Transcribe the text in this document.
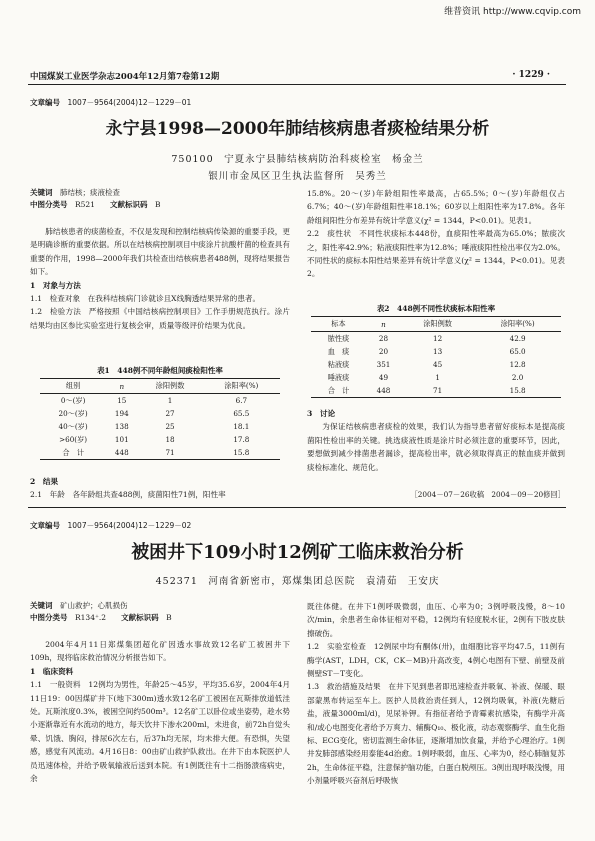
维普资讯 http://www.cqvip.com
中国煤炭工业医学杂志2004年12月第7卷第12期	· 1229 ·
文章编号　 1007－9564(2004)12－1229－01
永宁县1998—2000年肺结核病患者痰检结果分析
750100　宁夏永宁县肺结核病防治科痰检室　杨金兰
银川市金凤区卫生执法监督所　吴秀兰
关键词　 肺结核；痰液检查
中图分类号　 R521　　 文献标识码　 B

肺结核患者的痰菌检查，不仅是发现和控制结核病传染源的重要手段，更是明确诊断的重要依据。所以在结核病控制项目中痰涂片抗酸杆菌的检查具有重要的作用，1998—2000年我们共检查出结核病患者488例，现将结果报告如下。

1　对象与方法

1.1　检查对象　在我科结核病门诊就诊且X线胸透结果异常的患者。

1.2　检验方法　严格按照《中国结核病控制项目》工作手册规范执行。涂片结果均由区参比实验室进行复核会审，质量等级评价结果为优良。

表1　448例不同年龄组间痰检阳性率
组别	n	涂阳例数	涂阳率(%)
0～(岁)	15	1	6.7
20～(岁)	194	27	65.5
40～(岁)	138	25	18.1
>60(岁)	101	18	17.8
合　计	448	71	15.8

2　结果

2.1　年龄　各年龄组共查488例，痰菌阳性71例，阳性率

15.8%。20～(岁)年龄组阳性率最高，占65.5%；0～(岁)年龄组仅占6.7%；40～(岁)年龄组阳性率18.1%；60岁以上组阳性率为17.8%。各年龄组间阳性分布差异有统计学意义(χ² = 1344，P<0.01)。见表1。

2.2　痰性状　不同性状痰标本448份，血痰阳性率最高为65.0%；脓痰次之，阳性率42.9%；粘液痰阳性率为12.8%；唾液痰阳性检出率仅为2.0%。不同性状的痰标本阳性结果差异有统计学意义(χ² = 1344，P<0.01)。见表2。

表2　448例不同性状痰标本阳性率
标本	n	涂阳例数	涂阳率(%)
脓性痰	28	12	42.9
血　痰	20	13	65.0
粘液痰	351	45	12.8
唾液痰	49	1	2.0
合　计	448	71	15.8

3　讨论

为保证结核病患者痰检的效果，我们认为指导患者留好痰标本是提高痰菌阳性检出率的关键。挑选痰液性质是涂片时必须注意的重要环节，因此，要想做到减少排菌患者漏诊，提高检出率，就必须取得真正的脓血痰并做到痰检标准化、规范化。

［2004－07－26收稿　2004－09－20修回］
文章编号　 1007－9564(2004)12－1229－02
被困井下109小时12例矿工临床救治分析
452371　河南省新密市，郑煤集团总医院　袁清茹　王安庆
关键词　 矿山救护；心肌损伤
中图分类号　 R134⁺.2　　 文献标识码　 B

2004年4月11日郑煤集团超化矿因透水事故致12名矿工被困井下109h，现将临床救治情况分析报告如下。

1　临床资料

1.1　一般资料　12例均为男性，年龄25～45岁，平均35.6岁，2004年4月11日19：00因煤矿井下(地下300m)透水致12名矿工被困在瓦斯排放道低洼处。瓦斯浓度0.3%，被困空间约500m³。12名矿工以卧位或坐姿势，趁水势小逐渐靠近有水流动的地方，每天饮井下渗水200ml，未进食，前72h自觉头晕、饥饿、胸闷，排尿6次左右，后37h均无尿，均未排大便。有恐惧，失望感，感觉有风流动。4月16日8：00由矿山救护队救出。在井下由本院医护人员迅速体检，并给予吸氧输液后送到本院。有1例既往有十二指肠溃疡病史，余

既往体健。在井下1例呼吸微弱，血压、心率为0；3例呼吸浅慢，8～10次/min，余患者生命体征相对平稳，12例均有轻度脱水征，2例有下肢皮肤擦破伤。

1.2　实验室检查　12例尿中均有酮体(卅)，血细胞比容平均47.5，11例有酶学(AST，LDH，CK，CK－MB)升高改变，4例心电图有下壁、前壁及前侧壁ST－T变化。

1.3　救治措施及结果　在井下见到患者即迅速检查并吸氧、补液、保暖、眼部蒙黑布转运至车上。医护人员救治责任到人，12例均吸氧，补液(先糖后盐，液量3000ml/d)，见尿补钾。有指征者给予青霉素抗感染，有酶学升高和/或心电图变化者给予万爽力、辅酶Q₁₀、极化液，动态观察酶学、血生化指标、ECG变化，密切监测生命体征，逐渐增加饮食量，并给予心理治疗。1例井发肺部感染经用泰能4d治愈。1例呼吸弱，血压、心率为0，经心肺脑复苏2h，生命体征平稳，注意保护脑功能，白蛋白脱颅压。3例出现呼吸浅慢，用小剂量呼吸兴奋剂后呼吸恢
